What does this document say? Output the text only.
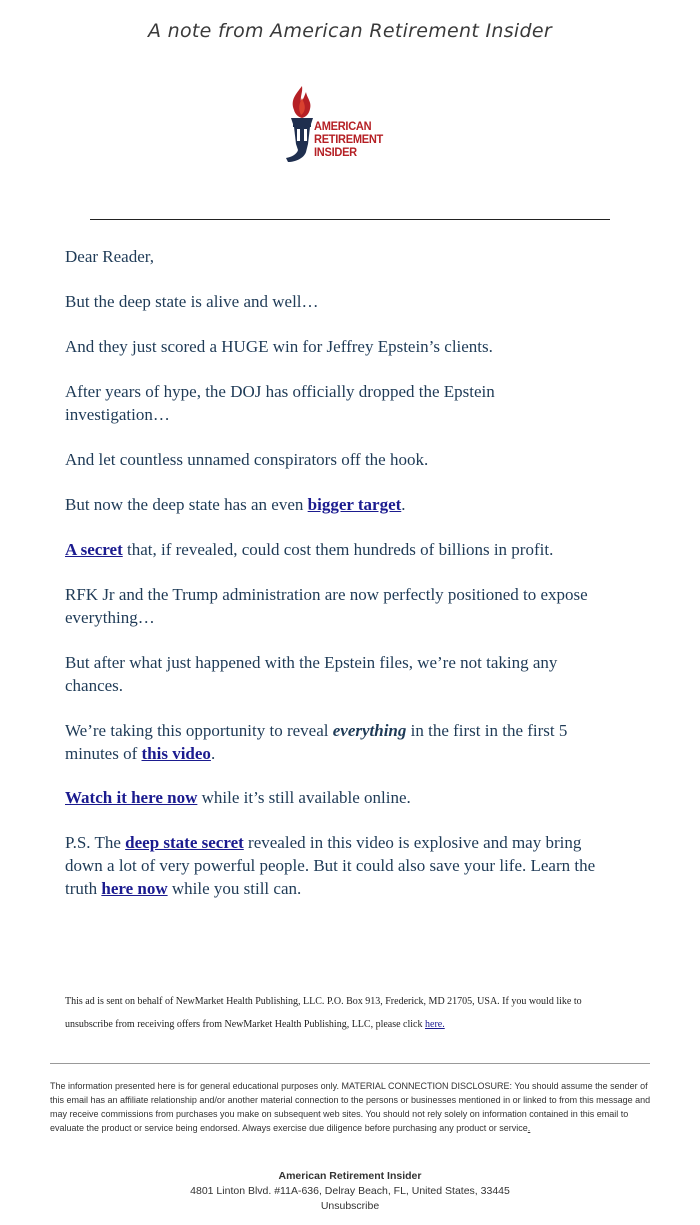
A note from American Retirement Insider
AMERICAN
RETIREMENT INSIDER

Dear Reader,

But the deep state is alive and well…

And they just scored a HUGE win for Jeffrey Epstein’s clients.

After years of hype, the DOJ has officially dropped the Epstein
investigation…

And let countless unnamed conspirators off the hook.

But now the deep state has an even bigger target.

A secret that, if revealed, could cost them hundreds of billions in profit.

RFK Jr and the Trump administration are now perfectly positioned to expose
everything…

But after what just happened with the Epstein files, we’re not taking any
chances.

We’re taking this opportunity to reveal everything in the first in the first 5
minutes of this video.

Watch it here now while it’s still available online.

P.S. The deep state secret revealed in this video is explosive and may bring
down a lot of very powerful people. But it could also save your life. Learn the
truth here now while you still can.

This ad is sent on behalf of NewMarket Health Publishing, LLC. P.O. Box 913, Frederick, MD 21705, USA. If you would like to
unsubscribe from receiving offers from NewMarket Health Publishing, LLC, please click here.
The information presented here is for general educational purposes only. MATERIAL CONNECTION DISCLOSURE: You should assume the sender of this email has an affiliate relationship and/or another material connection to the persons or businesses mentioned in or linked to from this message and may receive commissions from purchases you make on subsequent web sites. You should not rely solely on information contained in this email to evaluate the product or service being endorsed. Always exercise due diligence before purchasing any product or service.
American Retirement Insider
4801 Linton Blvd. #11A-636, Delray Beach, FL, United States, 33445
Unsubscribe
